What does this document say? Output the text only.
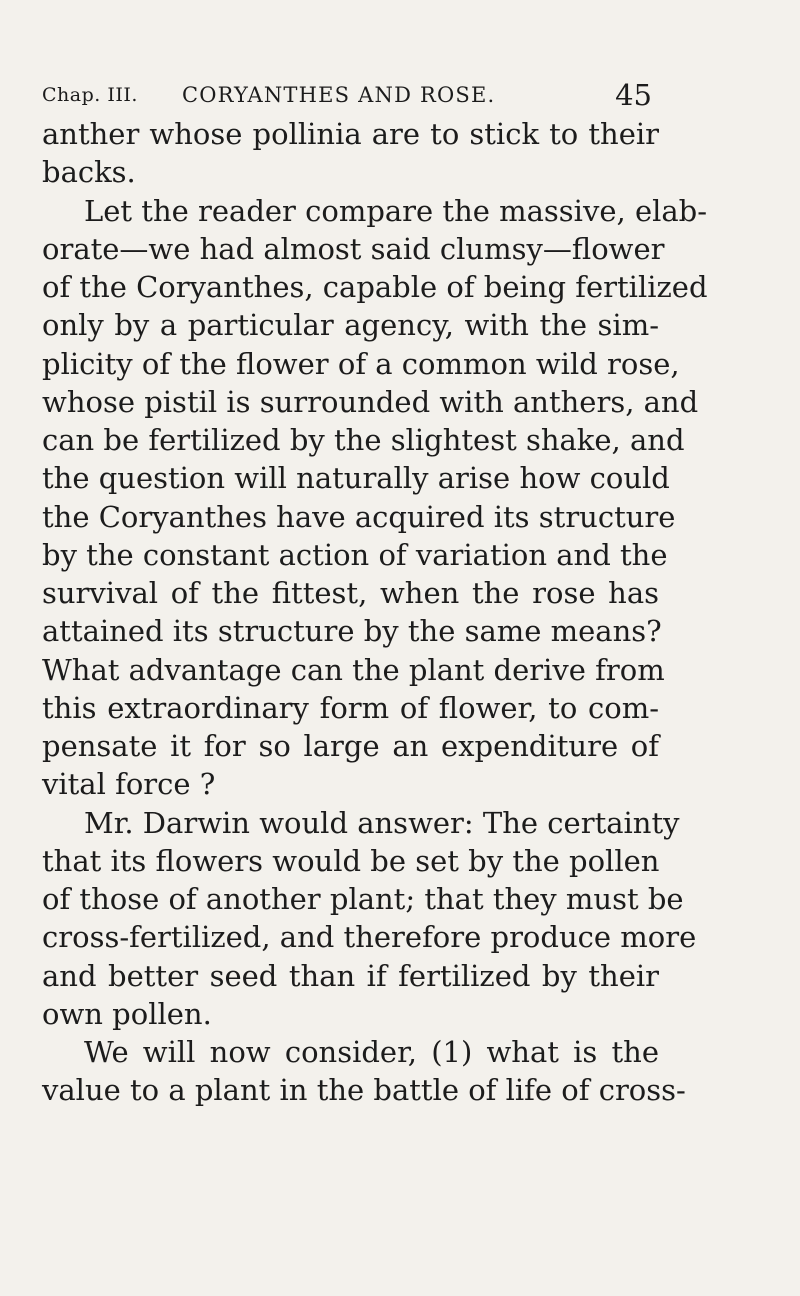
Chap. III. CORYANTHES AND ROSE.	45
anther whose pollinia are to stick to their
backs.
Let the reader compare the massive, elab-
orate—we had almost said clumsy—flower
of the Coryanthes, capable of being fertilized
only by a particular agency, with the sim-
plicity of the flower of a common wild rose,
whose pistil is surrounded with anthers, and
can be fertilized by the slightest shake, and
the question will naturally arise how could
the Coryanthes have acquired its structure
by the constant action of variation and the
survival of the fittest, when the rose has
attained its structure by the same means?
What advantage can the plant derive from
this extraordinary form of flower, to com-
pensate it for so large an expenditure of
vital force ?
Mr. Darwin would answer: The certainty
that its flowers would be set by the pollen
of those of another plant; that they must be
cross-fertilized, and therefore produce more
and better seed than if fertilized by their
own pollen.
We will now consider, (1) what is the
value to a plant in the battle of life of cross-
